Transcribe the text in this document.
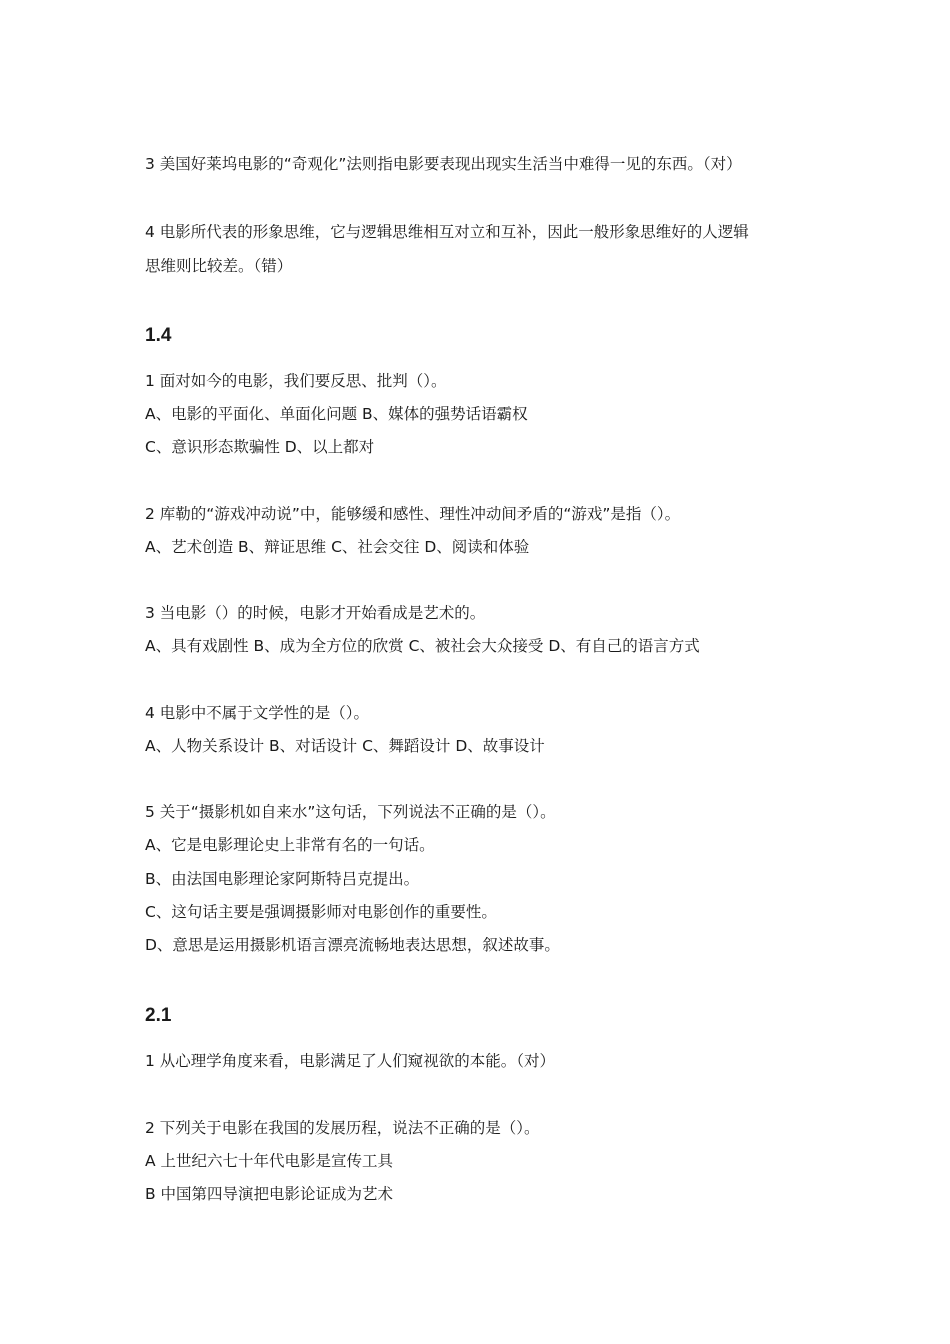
3 美国好莱坞电影的“奇观化”法则指电影要表现出现实生活当中难得一见的东西。（对）
4 电影所代表的形象思维，它与逻辑思维相互对立和互补，因此一般形象思维好的人逻辑
思维则比较差。（错）
1.4
1 面对如今的电影，我们要反思、批判（）。
A、电影的平面化、单面化问题 B、媒体的强势话语霸权
C、意识形态欺骗性 D、以上都对
2 库勒的“游戏冲动说”中，能够缓和感性、理性冲动间矛盾的“游戏”是指（）。
A、艺术创造 B、辩证思维 C、社会交往 D、阅读和体验
3 当电影（）的时候，电影才开始看成是艺术的。
A、具有戏剧性 B、成为全方位的欣赏 C、被社会大众接受 D、有自己的语言方式
4 电影中不属于文学性的是（）。
A、人物关系设计 B、对话设计 C、舞蹈设计 D、故事设计
5 关于“摄影机如自来水”这句话，下列说法不正确的是（）。
A、它是电影理论史上非常有名的一句话。
B、由法国电影理论家阿斯特吕克提出。
C、这句话主要是强调摄影师对电影创作的重要性。
D、意思是运用摄影机语言漂亮流畅地表达思想，叙述故事。
2.1
1 从心理学角度来看，电影满足了人们窥视欲的本能。（对）
2 下列关于电影在我国的发展历程，说法不正确的是（）。
A 上世纪六七十年代电影是宣传工具
B 中国第四导演把电影论证成为艺术
